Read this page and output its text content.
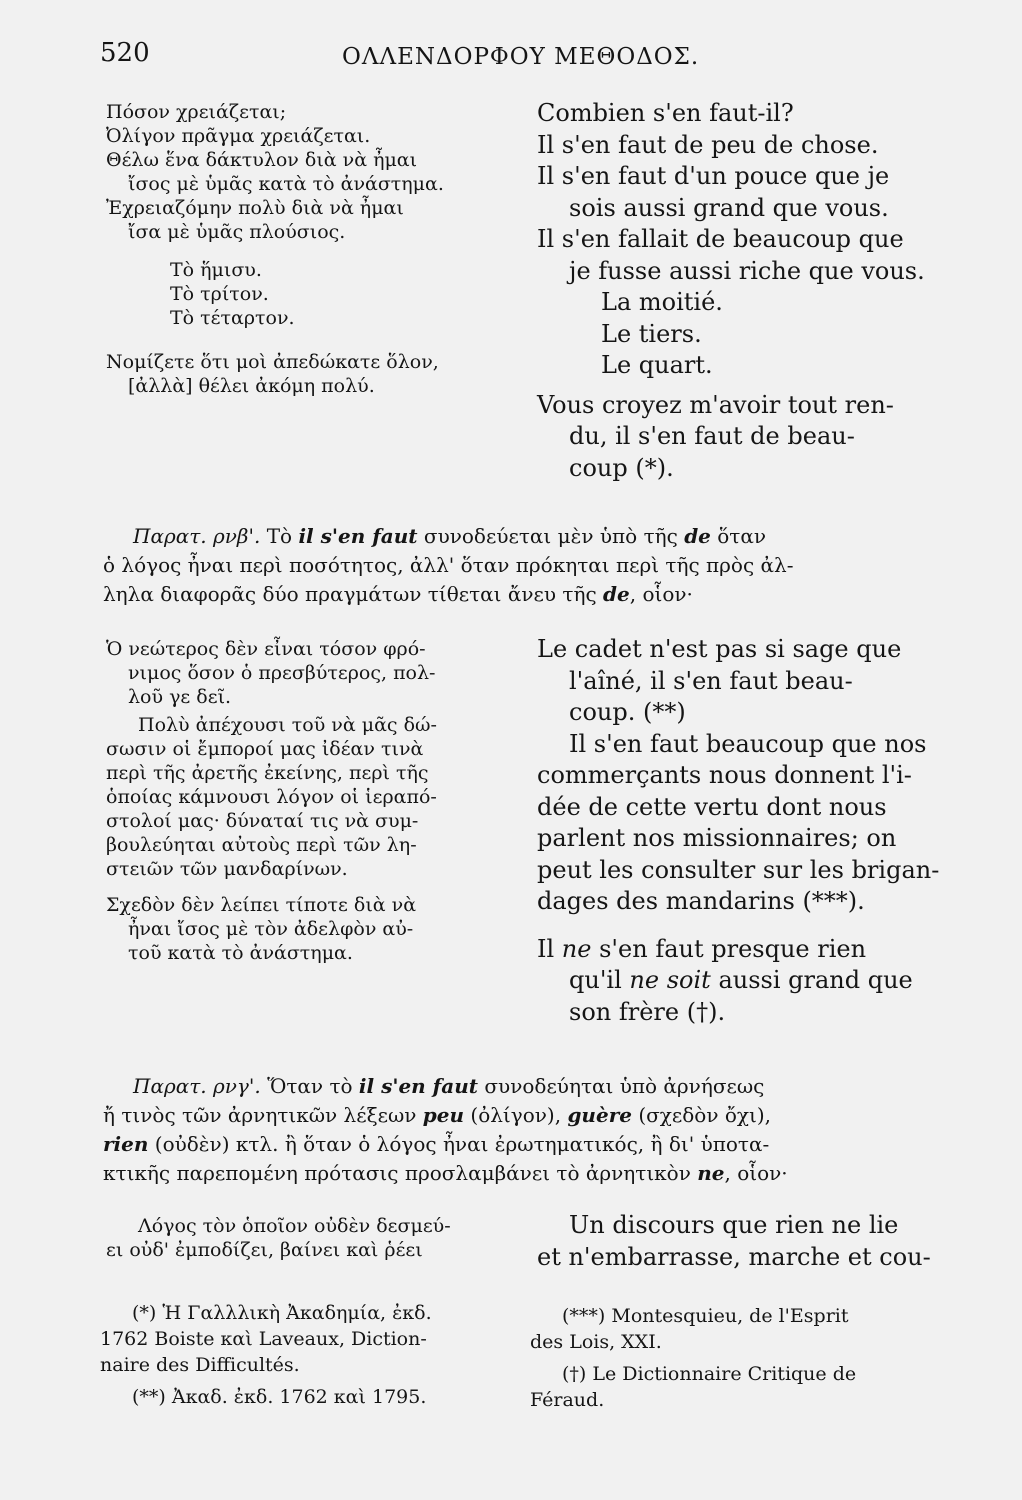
520	ΟΛΛΕΝΔΟΡΦΟΥ ΜΕΘΟΔΟΣ.
Πόσον χρειάζεται;
Ὀλίγον πρᾶγμα χρειάζεται.
Θέλω ἕνα δάκτυλον διὰ νὰ ἦμαι
ἴσος μὲ ὑμᾶς κατὰ τὸ ἀνάστημα.
Ἐχρειαζόμην πολὺ διὰ νὰ ἦμαι
ἴσα μὲ ὑμᾶς πλούσιος.
Τὸ ἥμισυ.
Τὸ τρίτον.
Τὸ τέταρτον.
Νομίζετε ὅτι μοὶ ἀπεδώκατε ὅλον,
[ἀλλὰ] θέλει ἀκόμη πολύ.
Combien s'en faut-il?
Il s'en faut de peu de chose.
Il s'en faut d'un pouce que je
sois aussi grand que vous.
Il s'en fallait de beaucoup que
je fusse aussi riche que vous.
La moitié.
Le tiers.
Le quart.
Vous croyez m'avoir tout ren-
du, il s'en faut de beau-
coup (*).
Παρατ. ρνβ'. Τὸ il s'en faut συνοδεύεται μὲν ὑπὸ τῆς de ὅταν
ὁ λόγος ἦναι περὶ ποσότητος, ἀλλ' ὅταν πρόκηται περὶ τῆς πρὸς ἀλ-
ληλα διαφορᾶς δύο πραγμάτων τίθεται ἄνευ τῆς de, οἷον·
Ὁ νεώτερος δὲν εἶναι τόσον φρό-
νιμος ὅσον ὁ πρεσβύτερος, πολ-
λοῦ γε δεῖ.
Πολὺ ἀπέχουσι τοῦ νὰ μᾶς δώ-
σωσιν οἱ ἔμποροί μας ἰδέαν τινὰ
περὶ τῆς ἀρετῆς ἐκείνης, περὶ τῆς
ὁποίας κάμνουσι λόγον οἱ ἱεραπό-
στολοί μας· δύναταί τις νὰ συμ-
βουλεύηται αὐτοὺς περὶ τῶν λη-
στειῶν τῶν μανδαρίνων.
Σχεδὸν δὲν λείπει τίποτε διὰ νὰ
ἦναι ἴσος μὲ τὸν ἀδελφὸν αὐ-
τοῦ κατὰ τὸ ἀνάστημα.
Le cadet n'est pas si sage que
l'aîné, il s'en faut beau-
coup. (**)
Il s'en faut beaucoup que nos
commerçants nous donnent l'i-
dée de cette vertu dont nous
parlent nos missionnaires; on
peut les consulter sur les brigan-
dages des mandarins (***).
Il ne s'en faut presque rien
qu'il ne soit aussi grand que
son frère (†).
Παρατ. ρνγ'. Ὅταν τὸ il s'en faut συνοδεύηται ὑπὸ ἀρνήσεως
ἤ τινὸς τῶν ἀρνητικῶν λέξεων peu (ὀλίγον), guère (σχεδὸν ὄχι),
rien (οὐδὲν) κτλ. ἢ ὅταν ὁ λόγος ἦναι ἐρωτηματικός, ἢ δι' ὑποτα-
κτικῆς παρεπομένη πρότασις προσλαμβάνει τὸ ἀρνητικὸν ne, οἷον·
Λόγος τὸν ὁποῖον οὐδὲν δεσμεύ-
ει οὐδ' ἐμποδίζει, βαίνει καὶ ῥέει
Un discours que rien ne lie
et n'embarrasse, marche et cou-
(*) Ἡ Γαλλλικὴ Ἀκαδημία, ἐκδ.
1762 Boiste καὶ Laveaux, Diction-
naire des Difficultés.
(**) Ἀκαδ. ἐκδ. 1762 καὶ 1795.
(***) Montesquieu, de l'Esprit
des Lois, XXI.
(†) Le Dictionnaire Critique de
Féraud.
